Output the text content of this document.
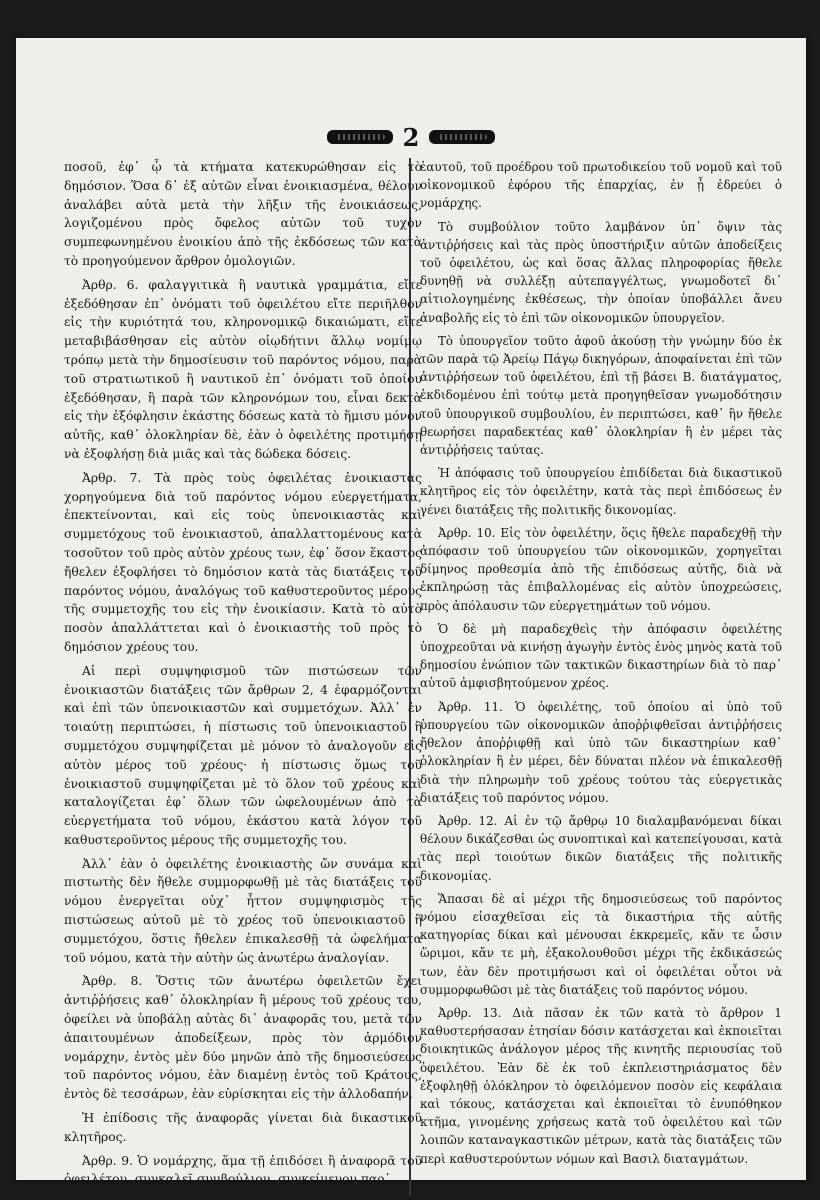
2

ποσοῦ, ἐφ᾽ ᾧ τὰ κτήματα κατεκυρώθησαν εἰς τὸ δημόσιον. Ὅσα δ᾽ ἐξ αὐτῶν εἶναι ἐνοικιασμένα, θέλουν ἀναλάβει αὐτὰ μετὰ τὴν λῆξιν τῆς ἐνοικιάσεως, λογιζομένου πρὸς ὄφελος αὐτῶν τοῦ τυχὸν συμπεφωνημένου ἐνοικίου ἀπὸ τῆς ἐκδόσεως τῶν κατὰ τὸ προηγούμενον ἄρθρον ὁμολογιῶν.

Ἀρθρ. 6. φαλαγγιτικὰ ἢ ναυτικὰ γραμμάτια, εἴτε ἐξεδόθησαν ἐπ᾽ ὀνόματι τοῦ ὀφειλέτου εἴτε περιῆλθον εἰς τὴν κυριότητά του, κληρονομικῷ δικαιώματι, εἴτε μεταβιβάσθησαν εἰς αὐτὸν οἱῳδήτινι ἄλλῳ νομίμῳ τρόπῳ μετὰ τὴν δημοσίευσιν τοῦ παρόντος νόμου, παρὰ τοῦ στρατιωτικοῦ ἢ ναυτικοῦ ἐπ᾽ ὀνόματι τοῦ ὁποίου ἐξεδόθησαν, ἢ παρὰ τῶν κληρονόμων του, εἶναι δεκτὰ εἰς τὴν ἐξόφλησιν ἑκάστης δόσεως κατὰ τὸ ἥμισυ μόνον αὐτῆς, καθ᾽ ὁλοκληρίαν δὲ, ἐὰν ὁ ὀφειλέτης προτιμήσῃ νὰ ἐξοφλήσῃ διὰ μιᾶς καὶ τὰς δώδεκα δόσεις.

Ἀρθρ. 7. Τὰ πρὸς τοὺς ὀφειλέτας ἐνοικιαστὰς χορηγούμενα διὰ τοῦ παρόντος νόμου εὐεργετήματα, ἐπεκτείνονται, καὶ εἰς τοὺς ὑπενοικιαστὰς καὶ συμμετόχους τοῦ ἐνοικιαστοῦ, ἀπαλλαττομένους κατὰ τοσοῦτον τοῦ πρὸς αὐτὸν χρέους των, ἐφ᾽ ὅσον ἕκαστος ἤθελεν ἐξοφλήσει τὸ δημόσιον κατὰ τὰς διατάξεις τοῦ παρόντος νόμου, ἀναλόγως τοῦ καθυστεροῦντος μέρους τῆς συμμετοχῆς του εἰς τὴν ἐνοικίασιν. Κατὰ τὸ αὐτὸ ποσὸν ἀπαλλάττεται καὶ ὁ ἐνοικιαστὴς τοῦ πρὸς τὸ δημόσιον χρέους του.

Αἱ περὶ συμψηφισμοῦ τῶν πιστώσεων τῶν ἐνοικιαστῶν διατάξεις τῶν ἄρθρων 2, 4 ἐφαρμόζονται καὶ ἐπὶ τῶν ὑπενοικιαστῶν καὶ συμμετόχων. Ἀλλ᾽ ἐν τοιαύτῃ περιπτώσει, ἡ πίστωσις τοῦ ὑπενοικιαστοῦ ἢ συμμετόχου συμψηφίζεται μὲ μόνον τὸ ἀναλογοῦν εἰς αὐτὸν μέρος τοῦ χρέους· ἡ πίστωσις ὅμως τοῦ ἐνοικιαστοῦ συμψηφίζεται μὲ τὸ ὅλον τοῦ χρέους καὶ καταλογίζεται ἐφ᾽ ὅλων τῶν ὠφελουμένων ἀπὸ τὰ εὐεργετήματα τοῦ νόμου, ἑκάστου κατὰ λόγον τοῦ καθυστεροῦντος μέρους τῆς συμμετοχῆς του.

Ἀλλ᾽ ἐὰν ὁ ὀφειλέτης ἐνοικιαστὴς ὤν συνάμα καὶ πιστωτὴς δὲν ἤθελε συμμορφωθῇ μὲ τὰς διατάξεις τοῦ νόμου ἐνεργεῖται οὐχ᾽ ἧττον συμψηφισμὸς τῆς πιστώσεως αὐτοῦ μὲ τὸ χρέος τοῦ ὑπενοικιαστοῦ ἢ συμμετόχου, ὅστις ἤθελεν ἐπικαλεσθῇ τὰ ὠφελήματα τοῦ νόμου, κατὰ τὴν αὐτὴν ὡς ἀνωτέρω ἀναλογίαν.

Ἀρθρ. 8. Ὅστις τῶν ἀνωτέρω ὀφειλετῶν ἔχει ἀντιῤῥήσεις καθ᾽ ὁλοκληρίαν ἢ μέρους τοῦ χρέους του, ὀφείλει νὰ ὑποβάλῃ αὐτὰς δι᾽ ἀναφορᾶς του, μετὰ τῶν ἀπαιτουμένων ἀποδείξεων, πρὸς τὸν ἁρμόδιον νομάρχην, ἐντὸς μὲν δύο μηνῶν ἀπὸ τῆς δημοσιεύσεως τοῦ παρόντος νόμου, ἐὰν διαμένῃ ἐντὸς τοῦ Κράτους, ἐντὸς δὲ τεσσάρων, ἐὰν εὑρίσκηται εἰς τὴν ἀλλοδαπήν.

Ἡ ἐπίδοσις τῆς ἀναφορᾶς γίνεται διὰ δικαστικοῦ κλητῆρος.

Ἀρθρ. 9. Ὁ νομάρχης, ἅμα τῇ ἐπιδόσει ἢ ἀναφορᾶ τοῦ ὀφειλέτου, συγκαλεῖ συμβούλιον, συγκείμενον παρ᾽

ἑαυτοῦ, τοῦ προέδρου τοῦ πρωτοδικείου τοῦ νομοῦ καὶ τοῦ οἰκονομικοῦ ἐφόρου τῆς ἐπαρχίας, ἐν ᾗ ἑδρεύει ὁ νομάρχης.

Τὸ συμβούλιον τοῦτο λαμβάνον ὑπ᾽ ὄψιν τὰς ἀντιῤῥήσεις καὶ τὰς πρὸς ὑποστήριξιν αὐτῶν ἀποδείξεις τοῦ ὀφειλέτου, ὡς καὶ ὅσας ἄλλας πληροφορίας ἤθελε δυνηθῇ νὰ συλλέξῃ αὐτεπαγγέλτως, γνωμοδοτεῖ δι᾽ αἰτιολογημένης ἐκθέσεως, τὴν ὁποίαν ὑποβάλλει ἄνευ ἀναβολῆς εἰς τὸ ἐπὶ τῶν οἰκονομικῶν ὑπουργεῖον.

Τὸ ὑπουργεῖον τοῦτο ἀφοῦ ἀκούσῃ τὴν γνώμην δύο ἐκ τῶν παρὰ τῷ Ἀρείῳ Πάγῳ δικηγόρων, ἀποφαίνεται ἐπὶ τῶν ἀντιῤῥήσεων τοῦ ὀφειλέτου, ἐπὶ τῇ βάσει Β. διατάγματος, ἐκδιδομένου ἐπὶ τούτῳ μετὰ προηγηθεῖσαν γνωμοδότησιν τοῦ ὑπουργικοῦ συμβουλίου, ἐν περιπτώσει, καθ᾽ ἣν ἤθελε θεωρήσει παραδεκτέας καθ᾽ ὁλοκληρίαν ἢ ἐν μέρει τὰς ἀντιῤῥήσεις ταύτας.

Ἡ ἀπόφασις τοῦ ὑπουργείου ἐπιδίδεται διὰ δικαστικοῦ κλητῆρος εἰς τὸν ὀφειλέτην, κατὰ τὰς περὶ ἐπιδόσεως ἐν γένει διατάξεις τῆς πολιτικῆς δικονομίας.

Ἀρθρ. 10. Εἰς τὸν ὀφειλέτην, ὅςις ἤθελε παραδεχθῇ τὴν ἀπόφασιν τοῦ ὑπουργείου τῶν οἰκονομικῶν, χορηγεῖται δίμηνος προθεσμία ἀπὸ τῆς ἐπιδόσεως αὐτῆς, διὰ νὰ ἐκπληρώσῃ τὰς ἐπιβαλλομένας εἰς αὐτὸν ὑποχρεώσεις, πρὸς ἀπόλαυσιν τῶν εὐεργετημάτων τοῦ νόμου.

Ὁ δὲ μὴ παραδεχθεὶς τὴν ἀπόφασιν ὀφειλέτης ὑποχρεοῦται νὰ κινήσῃ ἀγωγὴν ἐντὸς ἑνὸς μηνὸς κατὰ τοῦ δημοσίου ἐνώπιον τῶν τακτικῶν δικαστηρίων διὰ τὸ παρ᾽ αὐτοῦ ἀμφισβητούμενον χρέος.

Ἀρθρ. 11. Ὁ ὀφειλέτης, τοῦ ὁποίου αἱ ὑπὸ τοῦ ὑπουργείου τῶν οἰκονομικῶν ἀποῤῥιφθεῖσαι ἀντιῤῥήσεις ἤθελον ἀποῤῥιφθῇ καὶ ὑπὸ τῶν δικαστηρίων καθ᾽ ὁλοκληρίαν ἢ ἐν μέρει, δὲν δύναται πλέον νὰ ἐπικαλεσθῇ διὰ τὴν πληρωμὴν τοῦ χρέους τούτου τὰς εὐεργετικὰς διατάξεις τοῦ παρόντος νόμου.

Ἀρθρ. 12. Αἱ ἐν τῷ ἄρθρῳ 10 διαλαμβανόμεναι δίκαι θέλουν δικάζεσθαι ὡς συνοπτικαὶ καὶ κατεπείγουσαι, κατὰ τὰς περὶ τοιούτων δικῶν διατάξεις τῆς πολιτικῆς δικονομίας.

Ἅπασαι δὲ αἱ μέχρι τῆς δημοσιεύσεως τοῦ παρόντος νόμου εἰσαχθεῖσαι εἰς τὰ δικαστήρια τῆς αὐτῆς κατηγορίας δίκαι καὶ μένουσαι ἐκκρεμεῖς, κἄν τε ὦσιν ὥριμοι, κἄν τε μὴ, ἐξακολουθοῦσι μέχρι τῆς ἐκδικάσεώς των, ἐὰν δὲν προτιμήσωσι καὶ οἱ ὀφειλέται οὗτοι νὰ συμμορφωθῶσι μὲ τὰς διατάξεις τοῦ παρόντος νόμου.

Ἀρθρ. 13. Διὰ πᾶσαν ἐκ τῶν κατὰ τὸ ἄρθρον 1 καθυστερήσασαν ἐτησίαν δόσιν κατάσχεται καὶ ἐκποιεῖται διοικητικῶς ἀνάλογον μέρος τῆς κινητῆς περιουσίας τοῦ ὀφειλέτου. Ἐὰν δὲ ἐκ τοῦ ἐκπλειστηριάσματος δὲν ἐξοφληθῇ ὁλόκληρον τὸ ὀφειλόμενον ποσὸν εἰς κεφάλαια καὶ τόκους, κατάσχεται καὶ ἐκποιεῖται τὸ ἐνυπόθηκον κτῆμα, γινομένης χρήσεως κατὰ τοῦ ὀφειλέτου καὶ τῶν λοιπῶν καταναγκαστικῶν μέτρων, κατὰ τὰς διατάξεις τῶν περὶ καθυστερούντων νόμων καὶ Βασιλ διαταγμάτων.
